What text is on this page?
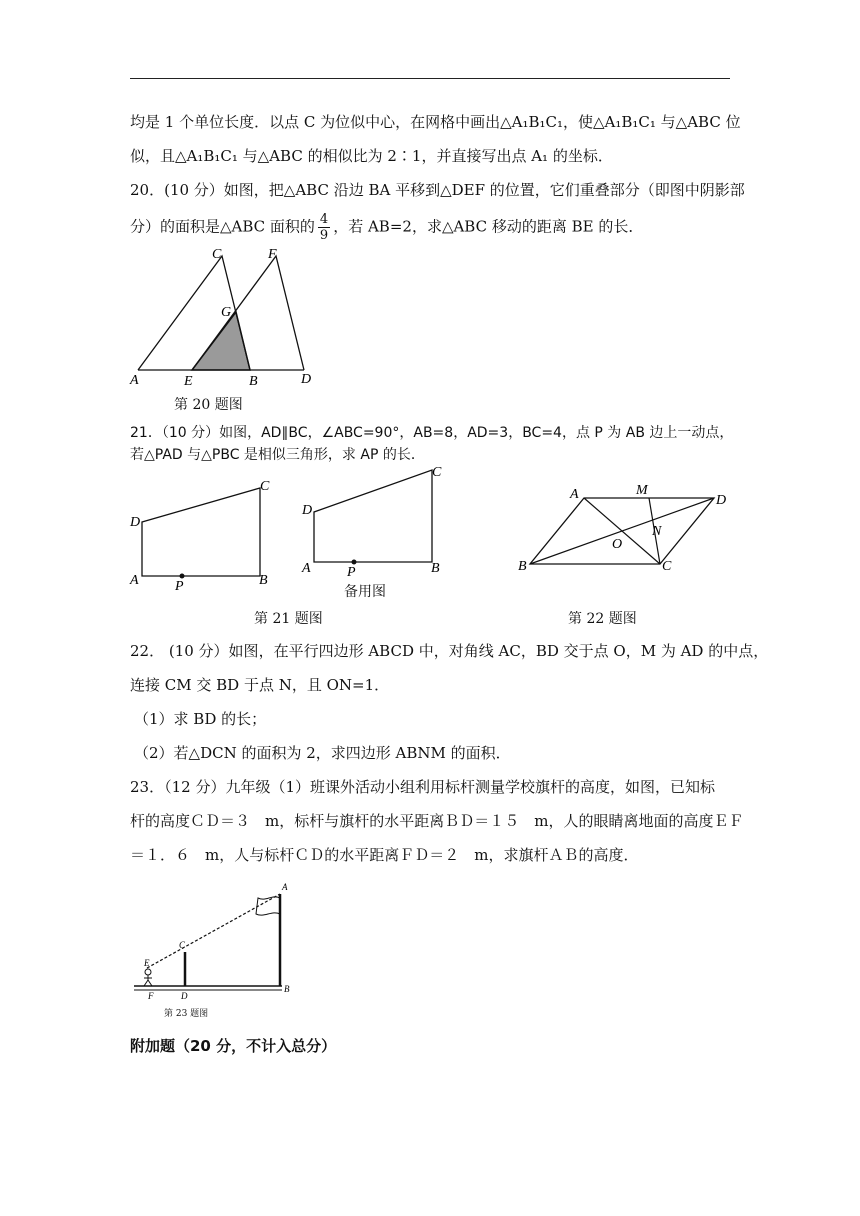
均是 1 个单位长度．以点 C 为位似中心，在网格中画出△A₁B₁C₁，使△A₁B₁C₁ 与△ABC 位
似，且△A₁B₁C₁ 与△ABC 的相似比为 2∶1，并直接写出点 A₁ 的坐标．
20．(10 分）如图，把△ABC 沿边 BA 平移到△DEF 的位置，它们重叠部分（即图中阴影部
分）的面积是△ABC 面积的 $\frac{4}{9}$ ，若 AB=2，求△ABC 移动的距离 BE 的长．
A	E	B	D
C	F
G
第 20 题图
21．（10 分）如图，AD∥BC，∠ABC=90°，AB=8，AD=3，BC=4，点 P 为 AB 边上一动点，
若△PAD 与△PBC 是相似三角形，求 AP 的长．
D
C
A	B
P
D
C
A	B
P
备用图
第 21 题图
A	M
D
N
O
B	C
第 22 题图
22． (10 分）如图，在平行四边形 ABCD 中，对角线 AC，BD 交于点 O，M 为 AD 的中点，
连接 CM 交 BD 于点 N，且 ON=1．
（1）求 BD 的长；
（2）若△DCN 的面积为 2，求四边形 ABNM 的面积．
23．（12 分）九年级（1）班课外活动小组利用标杆测量学校旗杆的高度，如图，已知标
杆的高度ＣＤ＝３　m，标杆与旗杆的水平距离ＢＤ＝１５　m，人的眼睛离地面的高度ＥＦ
＝１．６　m，人与标杆ＣＤ的水平距离ＦＤ＝２　m，求旗杆ＡＢ的高度．
A
C
E
F	D
B
第 23 题图
附加题（20 分，不计入总分）
